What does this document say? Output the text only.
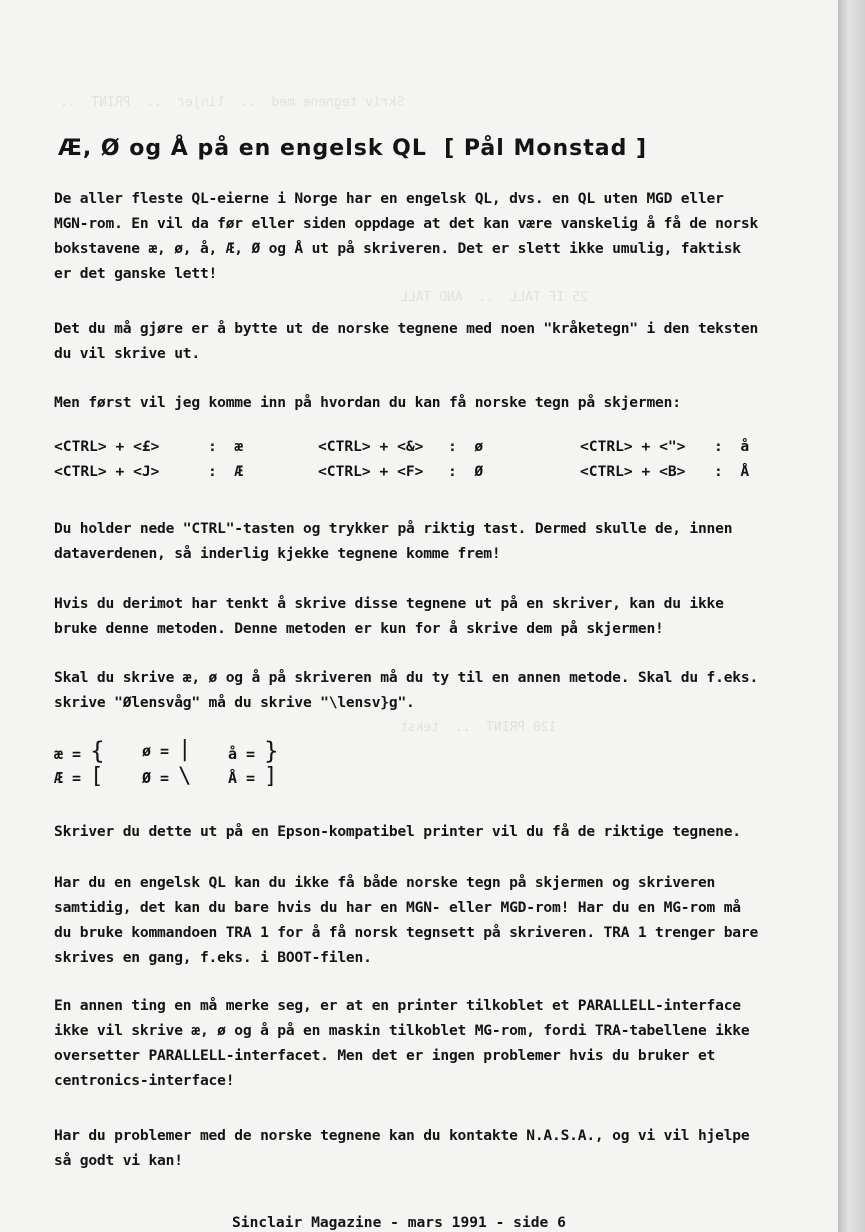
Skriv tegnene med  ..  linjer  ..  PRINT  ..
25 IF TALL  ..  AND TALL
120 PRINT  ..  tekst
Æ, Ø og Å på en engelsk QL  [ Pål Monstad ]
De aller fleste QL-eierne i Norge har en engelsk QL, dvs. en QL uten MGD eller MGN-rom. En vil da før eller siden oppdage at det kan være vanskelig å få de norsk bokstavene æ, ø, å, Æ, Ø og Å ut på skriveren. Det er slett ikke umulig, faktisk er det ganske lett!
Det du må gjøre er å bytte ut de norske tegnene med noen "kråketegn" i den teksten du vil skrive ut.
Men først vil jeg komme inn på hvordan du kan få norske tegn på skjermen:
<CTRL> + <£>	:  æ	<CTRL> + <&> :  ø	<CTRL> + <"> :  å
<CTRL> + <J>	:  Æ	<CTRL> + <F> :  Ø	<CTRL> + <B> :  Å
Du holder nede "CTRL"-tasten og trykker på riktig tast. Dermed skulle de, innen dataverdenen, så inderlig kjekke tegnene komme frem!
Hvis du derimot har tenkt å skrive disse tegnene ut på en skriver, kan du ikke bruke denne metoden. Denne metoden er kun for å skrive dem på skjermen!
Skal du skrive æ, ø og å på skriveren må du ty til en annen metode. Skal du f.eks. skrive "Ølensvåg" må du skrive "\lensv}g".
æ = { ø = | å = }
Æ = [	Ø = \ Å = ]
Skriver du dette ut på en Epson-kompatibel printer vil du få de riktige tegnene.
Har du en engelsk QL kan du ikke få både norske tegn på skjermen og skriveren samtidig, det kan du bare hvis du har en MGN- eller MGD-rom! Har du en MG-rom må du bruke kommandoen TRA 1 for å få norsk tegnsett på skriveren. TRA 1 trenger bare skrives en gang, f.eks. i BOOT-filen.
En annen ting en må merke seg, er at en printer tilkoblet et PARALLELL-interface ikke vil skrive æ, ø og å på en maskin tilkoblet MG-rom, fordi TRA-tabellene ikke oversetter PARALLELL-interfacet. Men det er ingen problemer hvis du bruker et centronics-interface!
Har du problemer med de norske tegnene kan du kontakte N.A.S.A., og vi vil hjelpe så godt vi kan!
Sinclair Magazine - mars 1991 - side 6
